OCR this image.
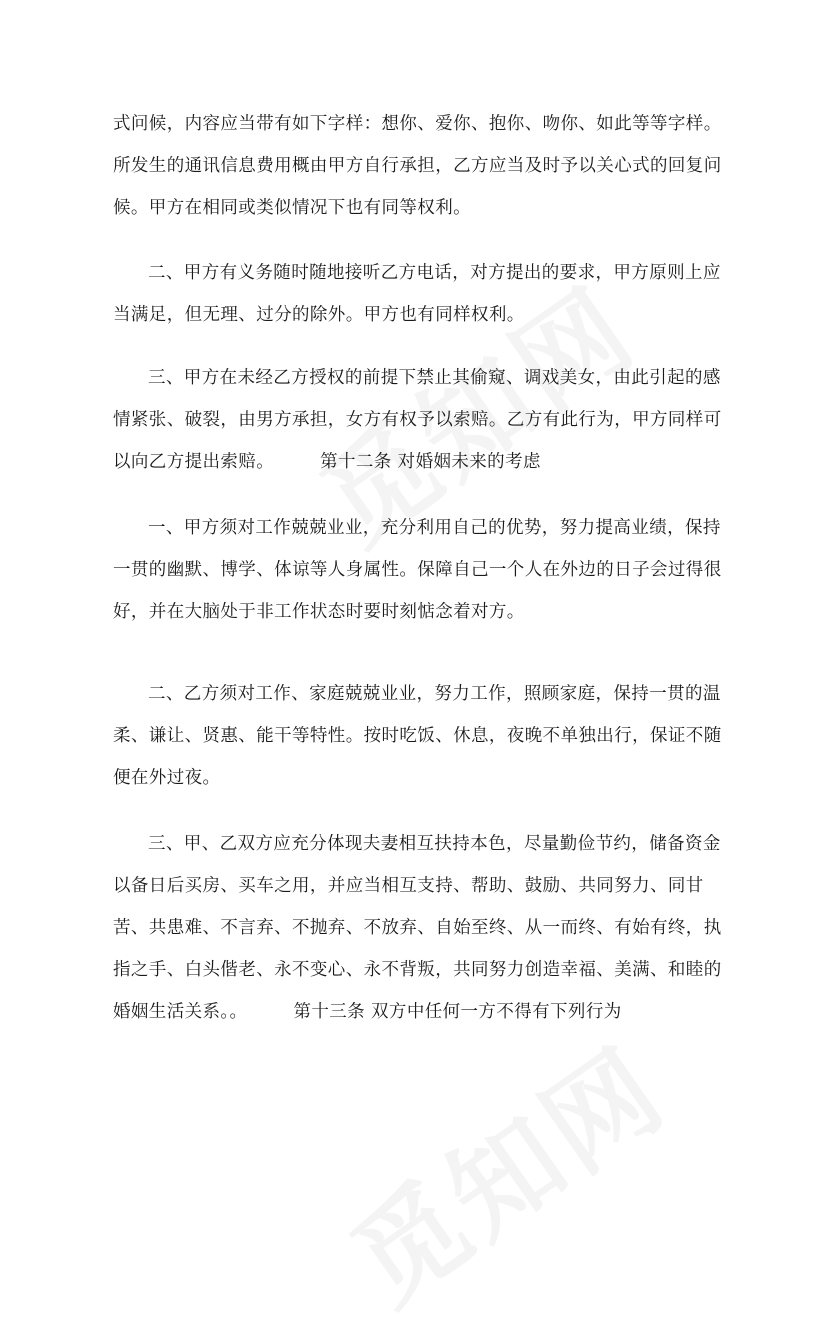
式问候，内容应当带有如下字样：想你、爱你、抱你、吻你、如此等等字样。所发生的通讯信息费用概由甲方自行承担，乙方应当及时予以关心式的回复问候。甲方在相同或类似情况下也有同等权利。

二、甲方有义务随时随地接听乙方电话，对方提出的要求，甲方原则上应当满足，但无理、过分的除外。甲方也有同样权利。

三、甲方在未经乙方授权的前提下禁止其偷窥、调戏美女，由此引起的感情紧张、破裂，由男方承担，女方有权予以索赔。乙方有此行为，甲方同样可以向乙方提出索赔。	第十二条 对婚姻未来的考虑

一、甲方须对工作兢兢业业，充分利用自己的优势，努力提高业绩，保持一贯的幽默、博学、体谅等人身属性。保障自己一个人在外边的日子会过得很好，并在大脑处于非工作状态时要时刻惦念着对方。

二、乙方须对工作、家庭兢兢业业，努力工作，照顾家庭，保持一贯的温柔、谦让、贤惠、能干等特性。按时吃饭、休息，夜晚不单独出行，保证不随便在外过夜。

三、甲、乙双方应充分体现夫妻相互扶持本色，尽量勤俭节约，储备资金以备日后买房、买车之用，并应当相互支持、帮助、鼓励、共同努力、同甘苦、共患难、不言弃、不抛弃、不放弃、自始至终、从一而终、有始有终，执指之手、白头偕老、永不变心、永不背叛，共同努力创造幸福、美满、和睦的婚姻生活关系。。	第十三条 双方中任何一方不得有下列行为
